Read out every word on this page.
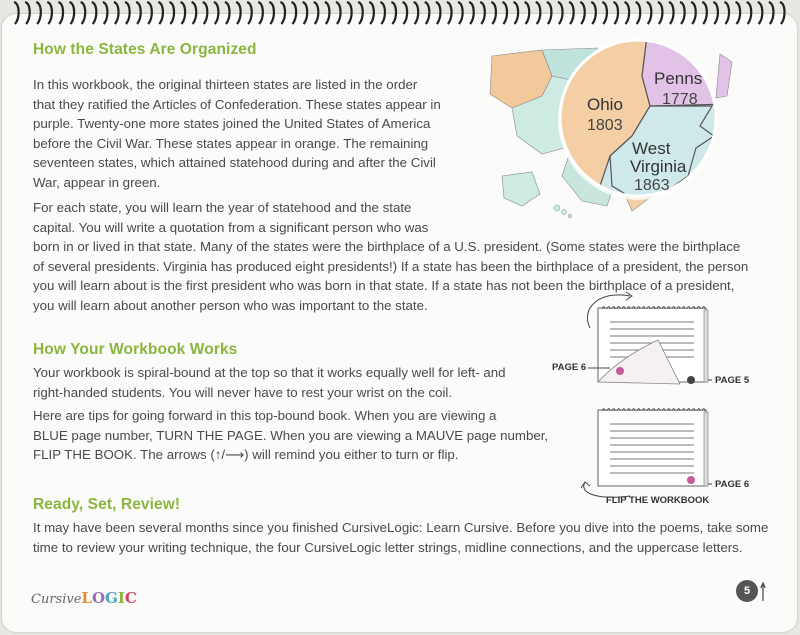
How the States Are Organized

In this workbook, the original thirteen states are listed in the order
that they ratified the Articles of Confederation. These states appear in
purple. Twenty-one more states joined the United States of America
before the Civil War. These states appear in orange. The remaining
seventeen states, which attained statehood during and after the Civil
War, appear in green.

For each state, you will learn the year of statehood and the state
capital. You will write a quotation from a significant person who was
born in or lived in that state. Many of the states were the birthplace of a U.S. president. (Some states were the birthplace
of several presidents. Virginia has produced eight presidents!) If a state has been the birthplace of a president, the person
you will learn about is the first president who was born in that state. If a state has not been the birthplace of a president,
you will learn about another person who was important to the state.

Ohio
1803
Penns
1778
West
Virginia
1863
How Your Workbook Works

Your workbook is spiral-bound at the top so that it works equally well for left- and
right-handed students. You will never have to rest your wrist on the coil.

Here are tips for going forward in this top-bound book. When you are viewing a
BLUE page number, TURN THE PAGE. When you are viewing a MAUVE page number,
FLIP THE BOOK. The arrows (↑/⟶) will remind you either to turn or flip.

PAGE 6
PAGE 5
PAGE 6
FLIP THE WORKBOOK
Ready, Set, Review!

It may have been several months since you finished CursiveLogic: Learn Cursive. Before you dive into the poems, take some
time to review your writing technique, the four CursiveLogic letter strings, midline connections, and the uppercase letters.

CursiveLOGIC	5
